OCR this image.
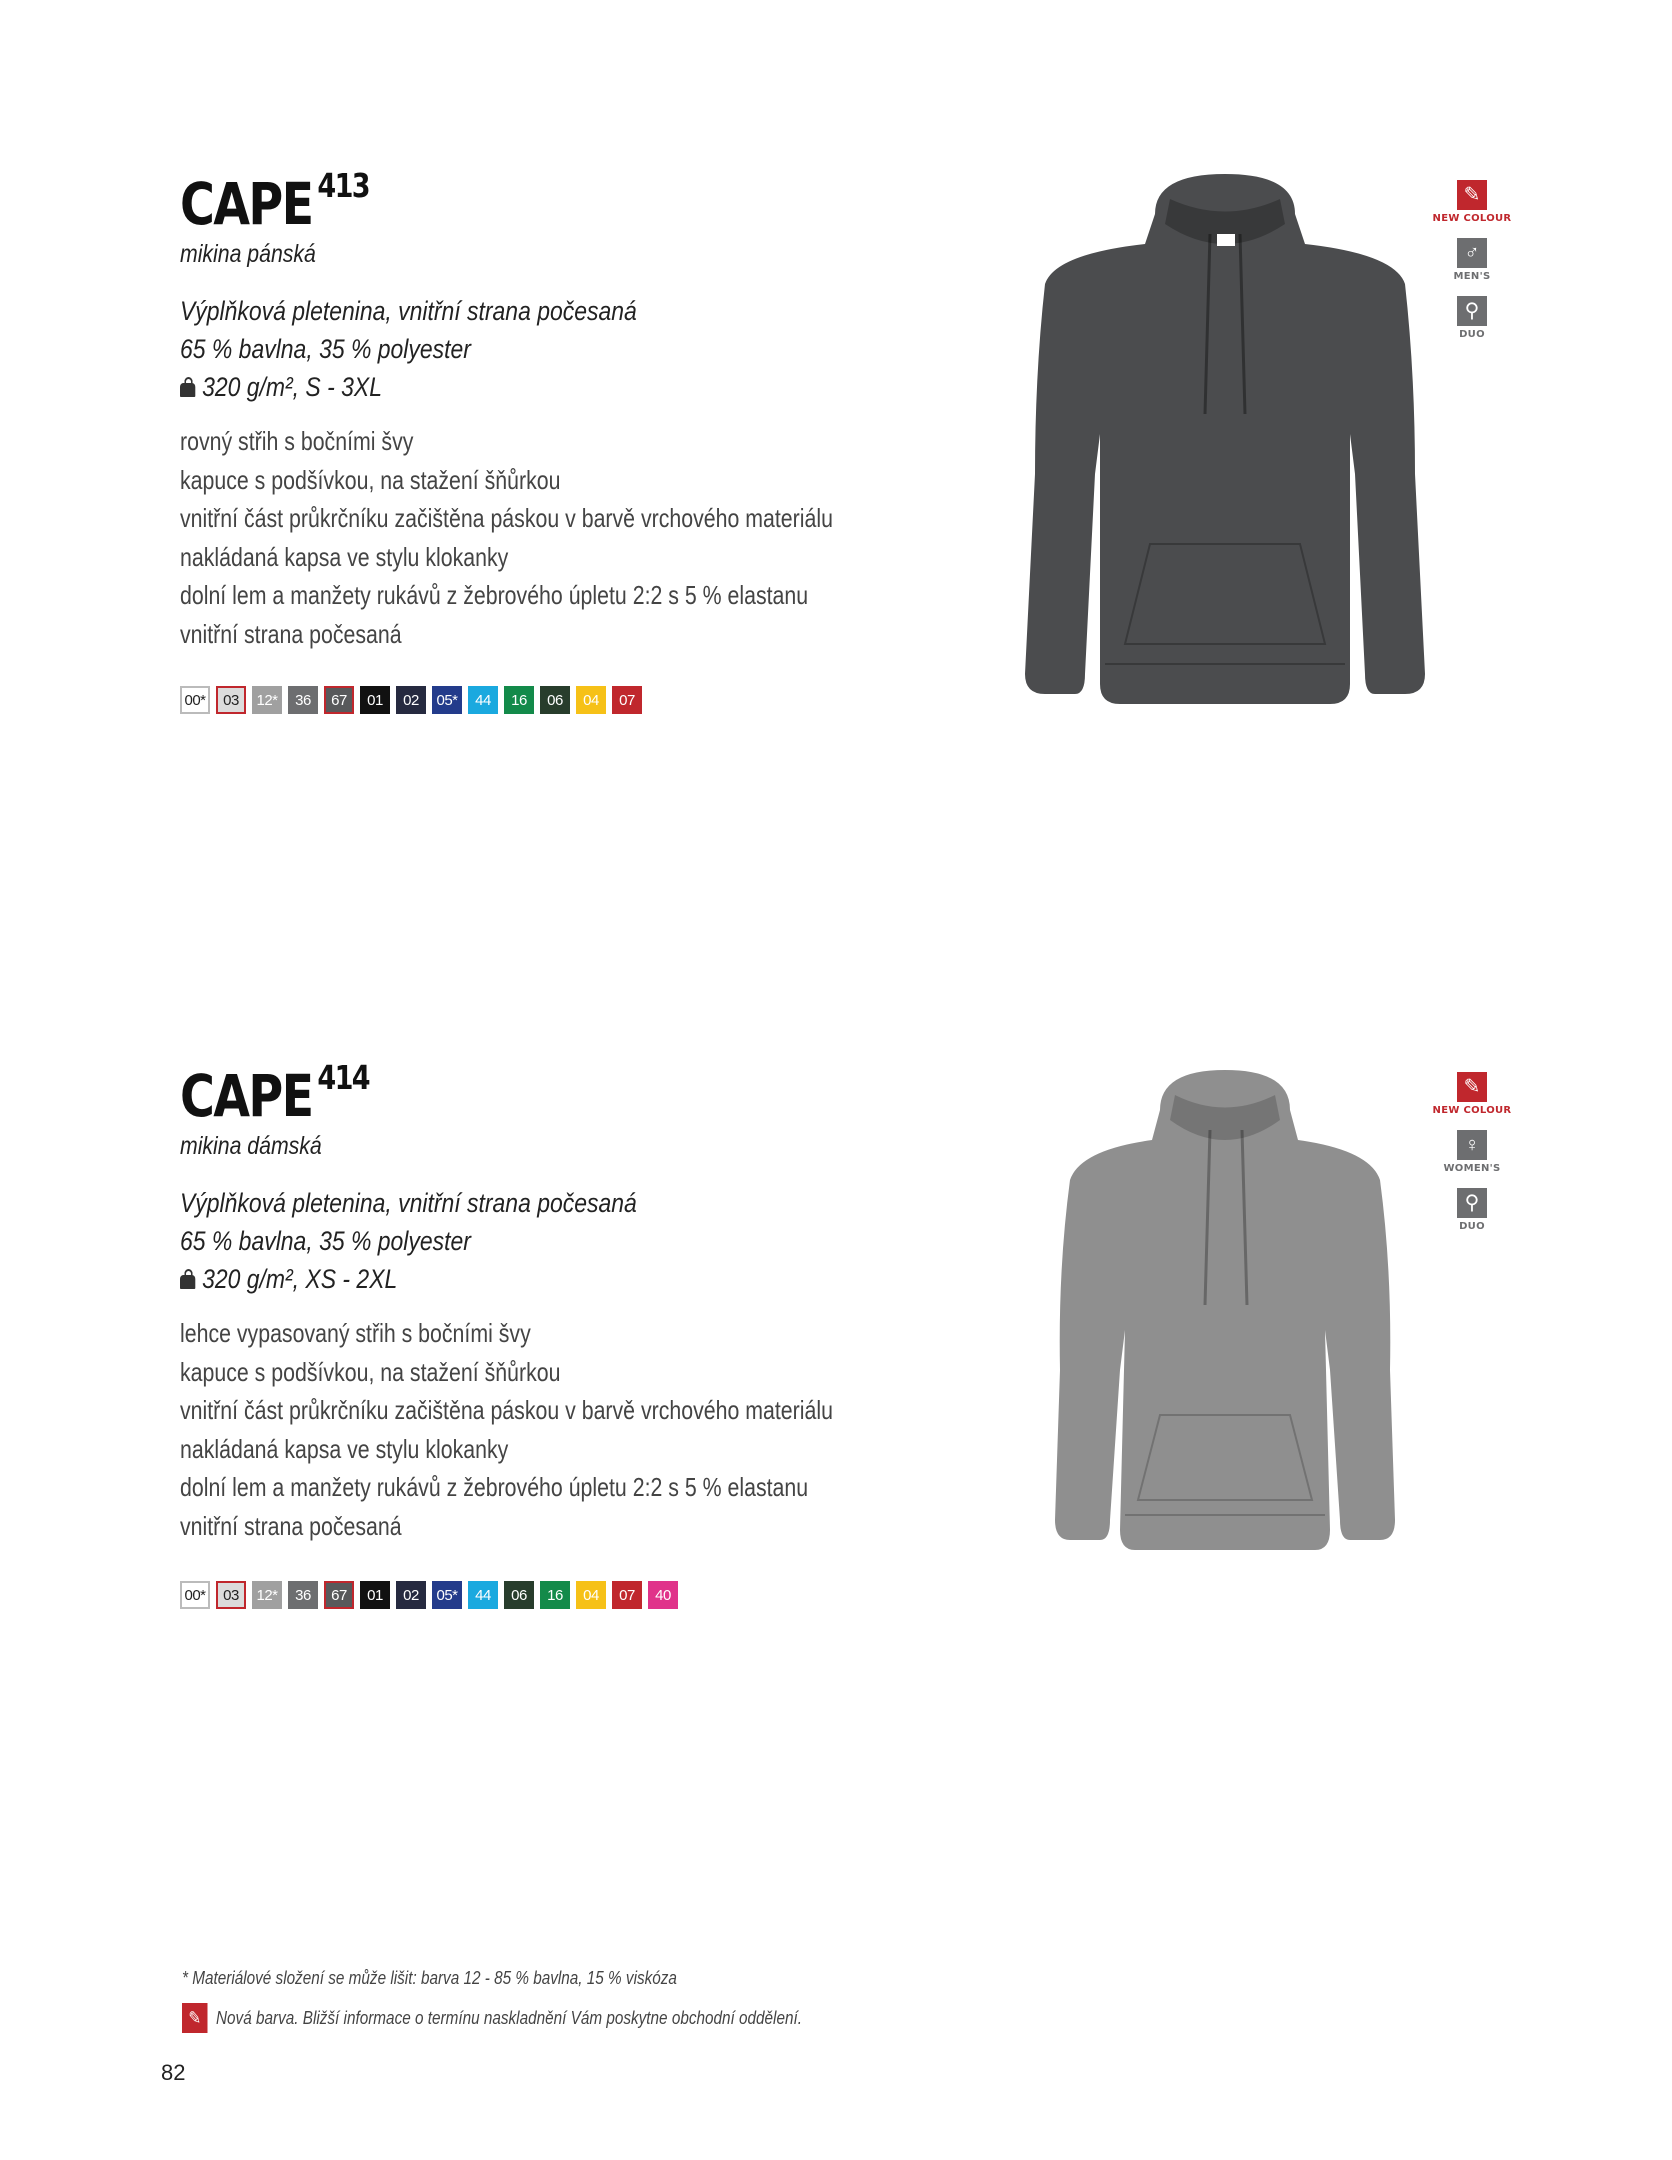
CAPE $^{413}$
mikina pánská
Výplňková pletenina, vnitřní strana počesaná
65 % bavlna, 35 % polyester
320 g/m², S - 3XL
rovný střih s bočními švy
kapuce s podšívkou, na stažení šňůrkou
vnitřní část průkrčníku začištěna páskou v barvě vrchového materiálu
nakládaná kapsa ve stylu klokanky
dolní lem a manžety rukávů z žebrového úpletu 2:2 s 5 % elastanu
vnitřní strana počesaná
00*	03	12*	36	67	01	02	05*	44	16	06	04	07
✎
NEW COLOUR
♂
MEN'S
⚲
DUO
CAPE $^{414}$
mikina dámská
Výplňková pletenina, vnitřní strana počesaná
65 % bavlna, 35 % polyester
320 g/m², XS - 2XL
lehce vypasovaný střih s bočními švy
kapuce s podšívkou, na stažení šňůrkou
vnitřní část průkrčníku začištěna páskou v barvě vrchového materiálu
nakládaná kapsa ve stylu klokanky
dolní lem a manžety rukávů z žebrového úpletu 2:2 s 5 % elastanu
vnitřní strana počesaná
00*	03	12*	36	67	01	02	05*	44	06	16	04	07	40
✎
NEW COLOUR
♀
WOMEN'S
⚲
DUO
* Materiálové složení se může lišit: barva 12 - 85 % bavlna, 15 % viskóza
✎ Nová barva. Bližší informace o termínu naskladnění Vám poskytne obchodní oddělení.
82
